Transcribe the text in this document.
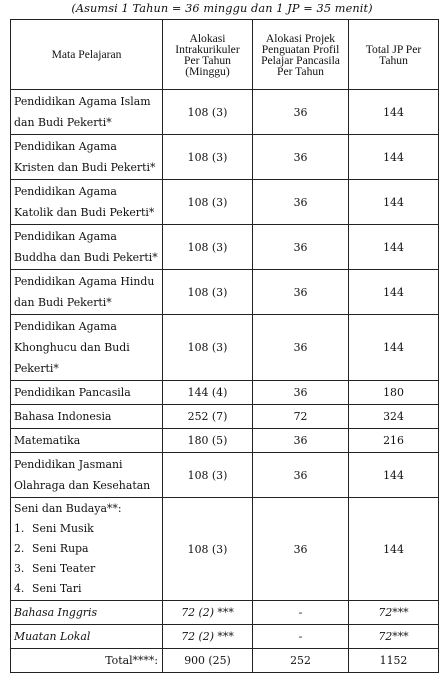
(Asumsi 1 Tahun = 36 minggu dan 1 JP = 35 menit)
Mata Pelajaran	Alokasi Intrakurikuler Per Tahun (Minggu)	Alokasi Projek Penguatan Profil Pelajar Pancasila Per Tahun	Total JP Per Tahun
Pendidikan Agama Islam dan Budi Pekerti*	108 (3)	36	144
Pendidikan Agama Kristen dan Budi Pekerti*	108 (3)	36	144
Pendidikan Agama Katolik dan Budi Pekerti*	108 (3)	36	144
Pendidikan Agama Buddha dan Budi Pekerti*	108 (3)	36	144
Pendidikan Agama Hindu dan Budi Pekerti*	108 (3)	36	144
Pendidikan Agama Khonghucu dan Budi Pekerti*	108 (3)	36	144
Pendidikan Pancasila	144 (4)	36	180
Bahasa Indonesia	252 (7)	72	324
Matematika	180 (5)	36	216
Pendidikan Jasmani Olahraga dan Kesehatan	108 (3)	36	144

Seni dan Budaya**:
1. Seni Musik
2. Seni Rupa
3. Seni Teater
4. Seni Tari	108 (3)	36	144
Bahasa Inggris	72 (2) ***	-	72***
Muatan Lokal	72 (2) ***	-	72***
Total****:	900 (25)	252	1152
